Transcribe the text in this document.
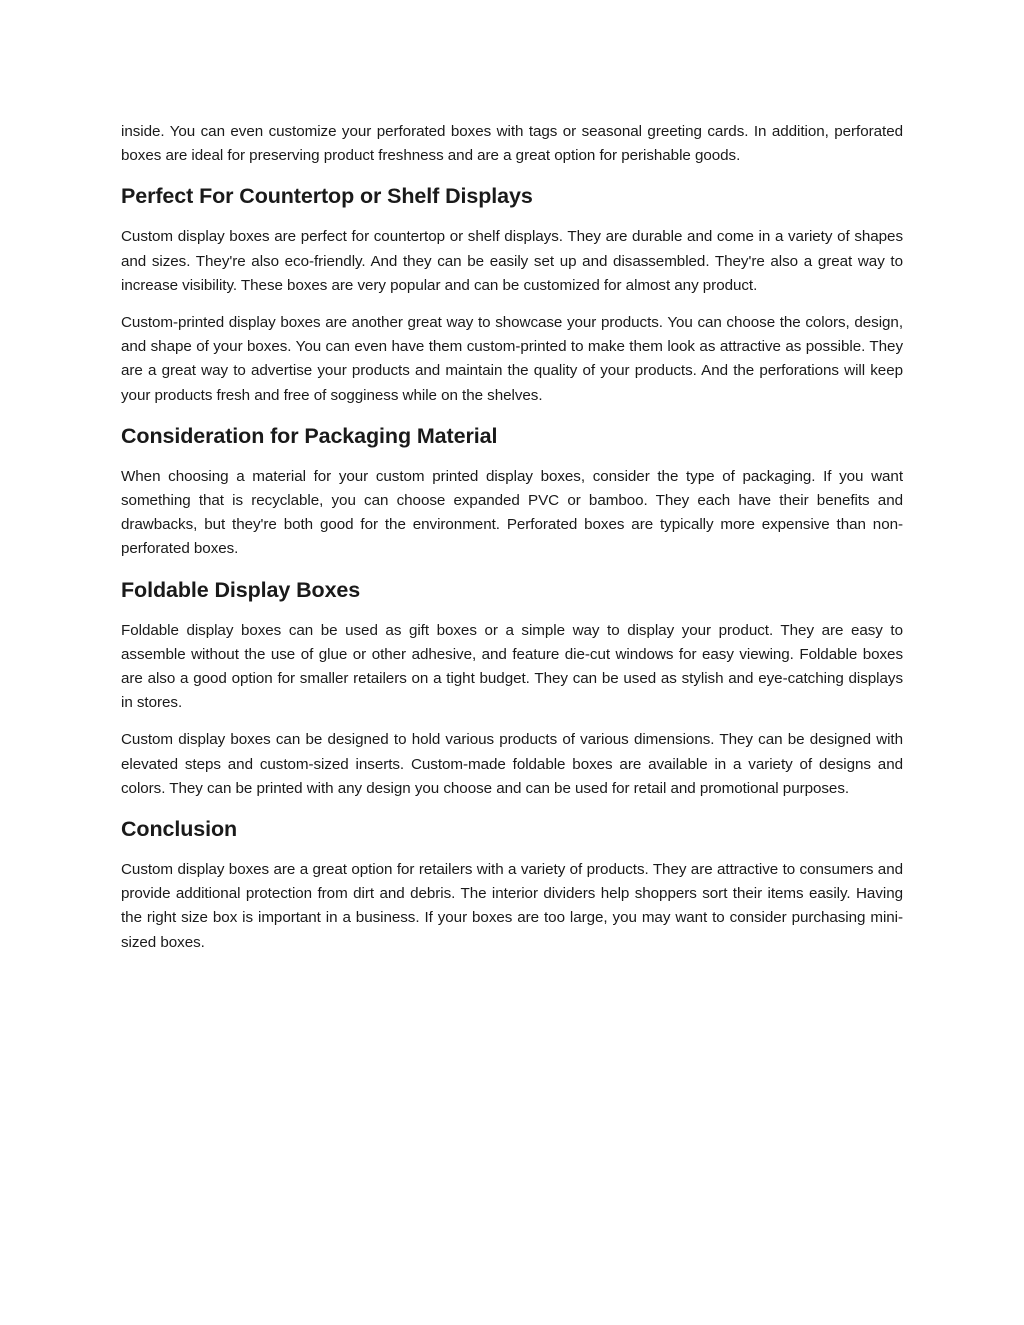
inside. You can even customize your perforated boxes with tags or seasonal greeting cards. In addition, perforated boxes are ideal for preserving product freshness and are a great option for perishable goods.

Perfect For Countertop or Shelf Displays

Custom display boxes are perfect for countertop or shelf displays. They are durable and come in a variety of shapes and sizes. They're also eco-friendly. And they can be easily set up and disassembled. They're also a great way to increase visibility. These boxes are very popular and can be customized for almost any product.

Custom-printed display boxes are another great way to showcase your products. You can choose the colors, design, and shape of your boxes. You can even have them custom-printed to make them look as attractive as possible. They are a great way to advertise your products and maintain the quality of your products. And the perforations will keep your products fresh and free of sogginess while on the shelves.

Consideration for Packaging Material

When choosing a material for your custom printed display boxes, consider the type of packaging. If you want something that is recyclable, you can choose expanded PVC or bamboo. They each have their benefits and drawbacks, but they're both good for the environment. Perforated boxes are typically more expensive than non-perforated boxes.

Foldable Display Boxes

Foldable display boxes can be used as gift boxes or a simple way to display your product. They are easy to assemble without the use of glue or other adhesive, and feature die-cut windows for easy viewing. Foldable boxes are also a good option for smaller retailers on a tight budget. They can be used as stylish and eye-catching displays in stores.

Custom display boxes can be designed to hold various products of various dimensions. They can be designed with elevated steps and custom-sized inserts. Custom-made foldable boxes are available in a variety of designs and colors. They can be printed with any design you choose and can be used for retail and promotional purposes.

Conclusion

Custom display boxes are a great option for retailers with a variety of products. They are attractive to consumers and provide additional protection from dirt and debris. The interior dividers help shoppers sort their items easily. Having the right size box is important in a business. If your boxes are too large, you may want to consider purchasing mini-sized boxes.
